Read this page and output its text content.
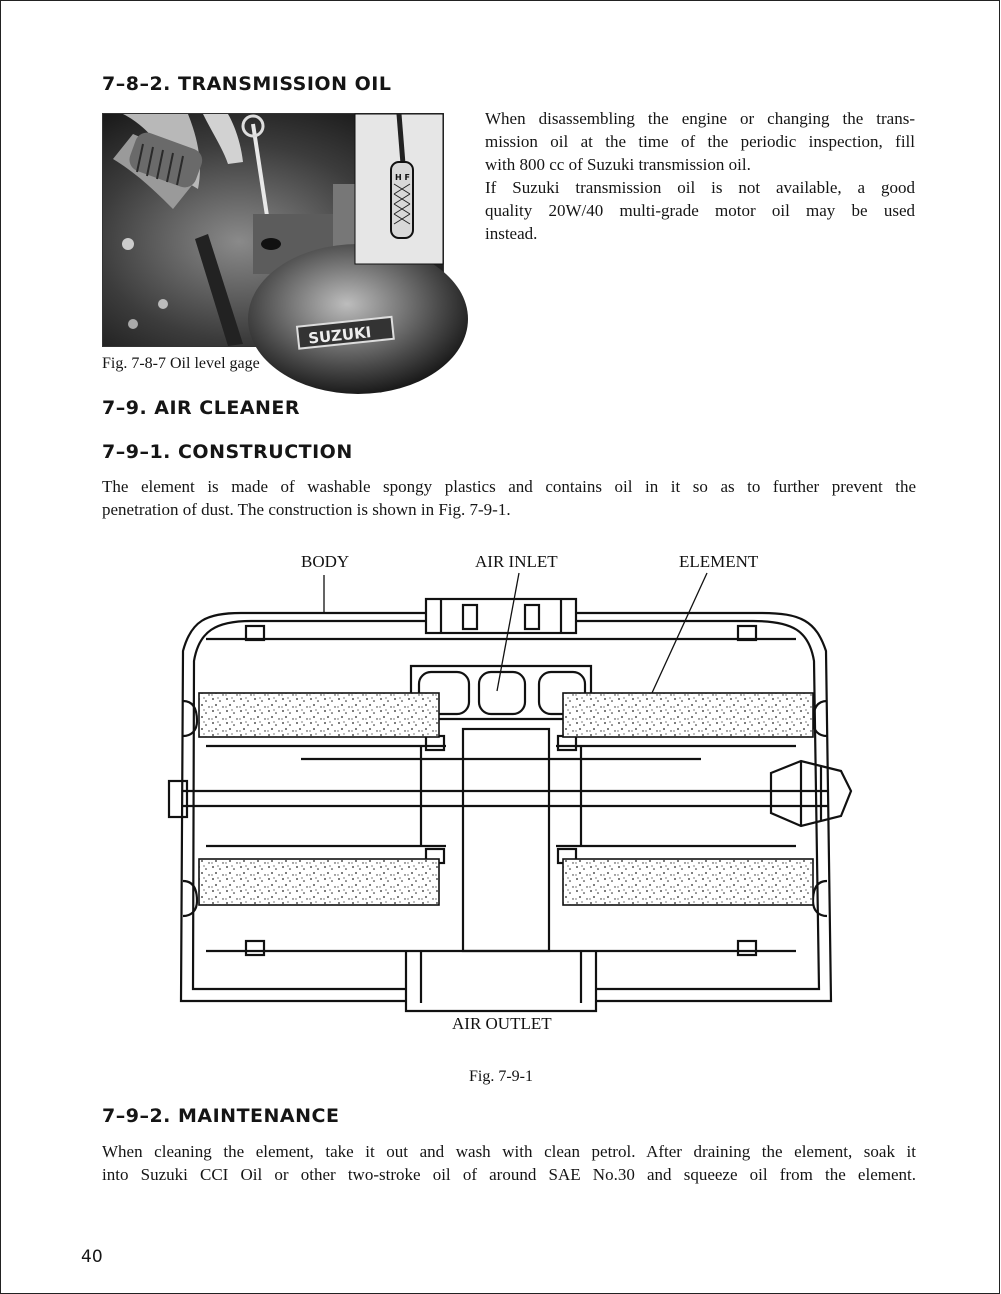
7–8–2. TRANSMISSION OIL
SUZUKI
H F
When disassembling the engine or changing the trans-
mission oil at the time of the periodic inspection, fill
with 800 cc of Suzuki transmission oil.
If Suzuki transmission oil is not available, a good
quality 20W/40 multi-grade motor oil may be used
instead.
Fig. 7-8-7 Oil level gage
7–9. AIR CLEANER
7–9–1. CONSTRUCTION
The element is made of washable spongy plastics and contains oil in it so as to further prevent the
penetration of dust. The construction is shown in Fig. 7-9-1.
BODY	AIR INLET	ELEMENT
AIR OUTLET
Fig. 7-9-1
7–9–2. MAINTENANCE
When cleaning the element, take it out and wash with clean petrol. After draining the element, soak it
into Suzuki CCI Oil or other two-stroke oil of around SAE No.30 and squeeze oil from the element.
40
